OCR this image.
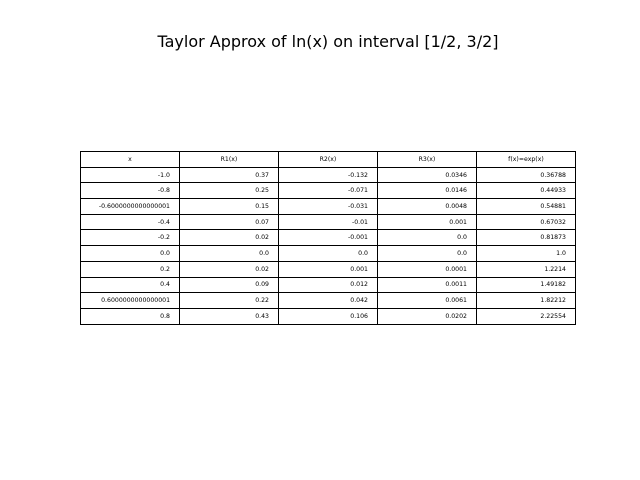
Taylor Approx of ln(x) on interval [1/2, 3/2]
x	R1(x)	R2(x)	R3(x)	f(x)=exp(x)
-1.0	0.37	-0.132	0.0346	0.36788
-0.8	0.25	-0.071	0.0146	0.44933
-0.6000000000000001	0.15	-0.031	0.0048	0.54881
-0.4	0.07	-0.01	0.001	0.67032
-0.2	0.02	-0.001	0.0	0.81873
0.0	0.0	0.0	0.0	1.0
0.2	0.02	0.001	0.0001	1.2214
0.4	0.09	0.012	0.0011	1.49182
0.6000000000000001	0.22	0.042	0.0061	1.82212
0.8	0.43	0.106	0.0202	2.22554
